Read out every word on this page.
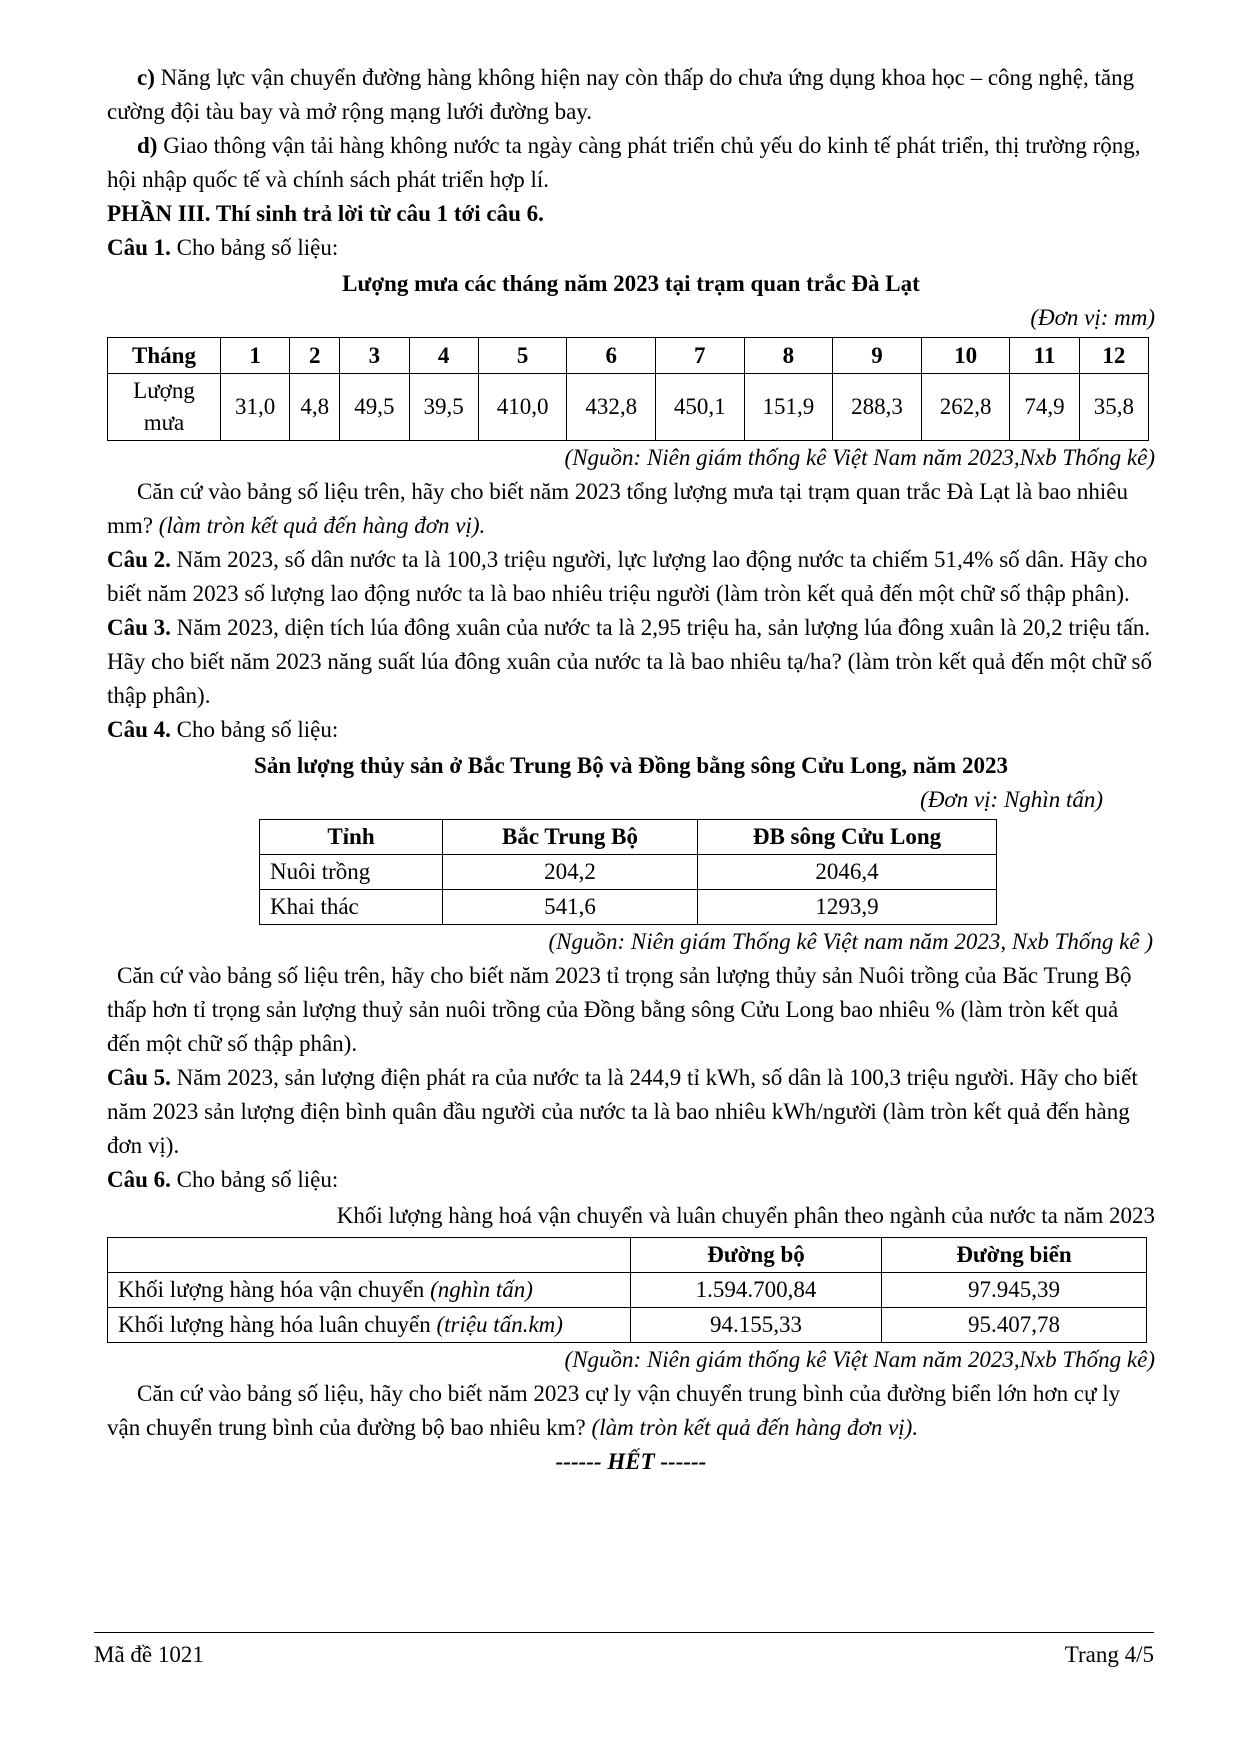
c) Năng lực vận chuyển đường hàng không hiện nay còn thấp do chưa ứng dụng khoa học – công nghệ, tăng cường đội tàu bay và mở rộng mạng lưới đường bay.

d) Giao thông vận tải hàng không nước ta ngày càng phát triển chủ yếu do kinh tế phát triển, thị trường rộng, hội nhập quốc tế và chính sách phát triển hợp lí.

PHẦN III. Thí sinh trả lời từ câu 1 tới câu 6.

Câu 1. Cho bảng số liệu:

Lượng mưa các tháng năm 2023 tại trạm quan trắc Đà Lạt

(Đơn vị: mm)

Tháng	1	2	3	4	5	6	7	8	9	10	11	12
Lượng
mưa	31,0	4,8	49,5	39,5	410,0	432,8	450,1	151,9	288,3	262,8	74,9	35,8

(Nguồn: Niên giám thống kê Việt Nam năm 2023,Nxb Thống kê)

Căn cứ vào bảng số liệu trên, hãy cho biết năm 2023 tổng lượng mưa tại trạm quan trắc Đà Lạt là bao nhiêu mm? (làm tròn kết quả đến hàng đơn vị).

Câu 2. Năm 2023, số dân nước ta là 100,3 triệu người, lực lượng lao động nước ta chiếm 51,4% số dân. Hãy cho biết năm 2023 số lượng lao động nước ta là bao nhiêu triệu người (làm tròn kết quả đến một chữ số thập phân).

Câu 3. Năm 2023, diện tích lúa đông xuân của nước ta là 2,95 triệu ha, sản lượng lúa đông xuân là 20,2 triệu tấn. Hãy cho biết năm 2023 năng suất lúa đông xuân của nước ta là bao nhiêu tạ/ha? (làm tròn kết quả đến một chữ số thập phân).

Câu 4. Cho bảng số liệu:

Sản lượng thủy sản ở Bắc Trung Bộ và Đồng bằng sông Cửu Long, năm 2023

(Đơn vị: Nghìn tấn)

Tỉnh	Bắc Trung Bộ	ĐB sông Cửu Long
Nuôi trồng	204,2	2046,4
Khai thác	541,6	1293,9

(Nguồn: Niên giám Thống kê Việt nam năm 2023, Nxb Thống kê )

Căn cứ vào bảng số liệu trên, hãy cho biết năm 2023 tỉ trọng sản lượng thủy sản Nuôi trồng của Băc Trung Bộ thấp hơn tỉ trọng sản lượng thuỷ sản nuôi trồng của Đồng bằng sông Cửu Long bao nhiêu % (làm tròn kết quả đến một chữ số thập phân).

Câu 5. Năm 2023, sản lượng điện phát ra của nước ta là 244,9 tỉ kWh, số dân là 100,3 triệu người. Hãy cho biết năm 2023 sản lượng điện bình quân đầu người của nước ta là bao nhiêu kWh/người (làm tròn kết quả đến hàng đơn vị).

Câu 6. Cho bảng số liệu:

Khối lượng hàng hoá vận chuyển và luân chuyển phân theo ngành của nước ta năm 2023

	Đường bộ	Đường biển
Khối lượng hàng hóa vận chuyển (nghìn tấn)	1.594.700,84	97.945,39
Khối lượng hàng hóa luân chuyển (triệu tấn.km)	94.155,33	95.407,78

(Nguồn: Niên giám thống kê Việt Nam năm 2023,Nxb Thống kê)

Căn cứ vào bảng số liệu, hãy cho biết năm 2023 cự ly vận chuyển trung bình của đường biển lớn hơn cự ly vận chuyển trung bình của đường bộ bao nhiêu km? (làm tròn kết quả đến hàng đơn vị).

------ HẾT ------

Mã đề 1021	Trang 4/5
